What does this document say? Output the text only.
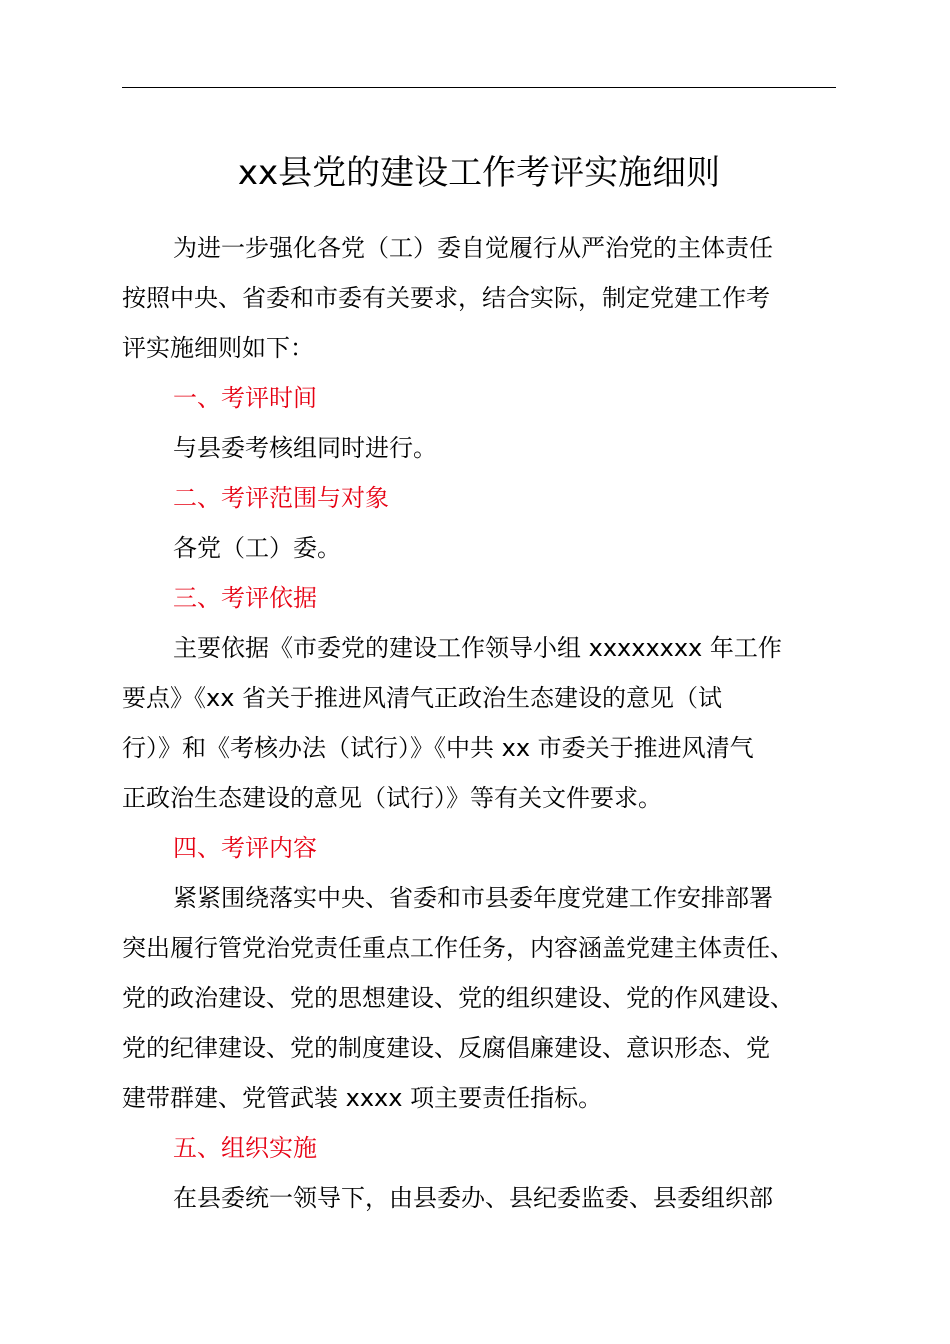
xx县党的建设工作考评实施细则

为进一步强化各党（工）委自觉履行从严治党的主体责任

按照中央、省委和市委有关要求，结合实际，制定党建工作考

评实施细则如下：

一、考评时间

与县委考核组同时进行。

二、考评范围与对象

各党（工）委。

三、考评依据

主要依据《市委党的建设工作领导小组 xxxxxxxx 年工作

要点》《xx 省关于推进风清气正政治生态建设的意见（试

行）》和《考核办法（试行）》《中共 xx 市委关于推进风清气

正政治生态建设的意见（试行）》等有关文件要求。

四、考评内容

紧紧围绕落实中央、省委和市县委年度党建工作安排部署

突出履行管党治党责任重点工作任务，内容涵盖党建主体责任、

党的政治建设、党的思想建设、党的组织建设、党的作风建设、

党的纪律建设、党的制度建设、反腐倡廉建设、意识形态、党

建带群建、党管武装 xxxx 项主要责任指标。

五、组织实施

在县委统一领导下，由县委办、县纪委监委、县委组织部
